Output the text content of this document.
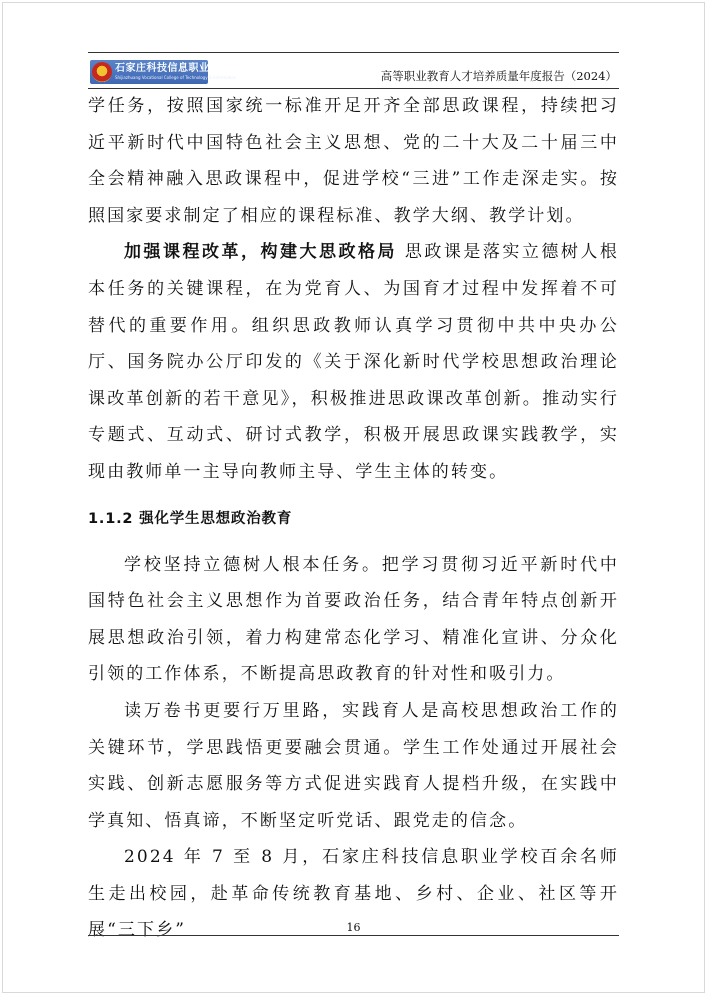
石家庄科技信息职业学院
Shijiazhuang Vocational College of Technology & Information	高等职业教育人才培养质量年度报告（2024）

学任务，按照国家统一标准开足开齐全部思政课程，持续把习近平新时代中国特色社会主义思想、党的二十大及二十届三中全会精神融入思政课程中，促进学校“三进”工作走深走实。按照国家要求制定了相应的课程标准、教学大纲、教学计划。

加强课程改革，构建大思政格局 思政课是落实立德树人根本任务的关键课程，在为党育人、为国育才过程中发挥着不可替代的重要作用。组织思政教师认真学习贯彻中共中央办公厅、国务院办公厅印发的《关于深化新时代学校思想政治理论课改革创新的若干意见》，积极推进思政课改革创新。推动实行专题式、互动式、研讨式教学，积极开展思政课实践教学，实现由教师单一主导向教师主导、学生主体的转变。

1.1.2 强化学生思想政治教育

学校坚持立德树人根本任务。把学习贯彻习近平新时代中国特色社会主义思想作为首要政治任务，结合青年特点创新开展思想政治引领，着力构建常态化学习、精准化宣讲、分众化引领的工作体系，不断提高思政教育的针对性和吸引力。

读万卷书更要行万里路，实践育人是高校思想政治工作的关键环节，学思践悟更要融会贯通。学生工作处通过开展社会实践、创新志愿服务等方式促进实践育人提档升级，在实践中学真知、悟真谛，不断坚定听党话、跟党走的信念。

2024 年 7 至 8 月，石家庄科技信息职业学校百余名师生走出校园，赴革命传统教育基地、乡村、企业、社区等开展“三下乡”	16
